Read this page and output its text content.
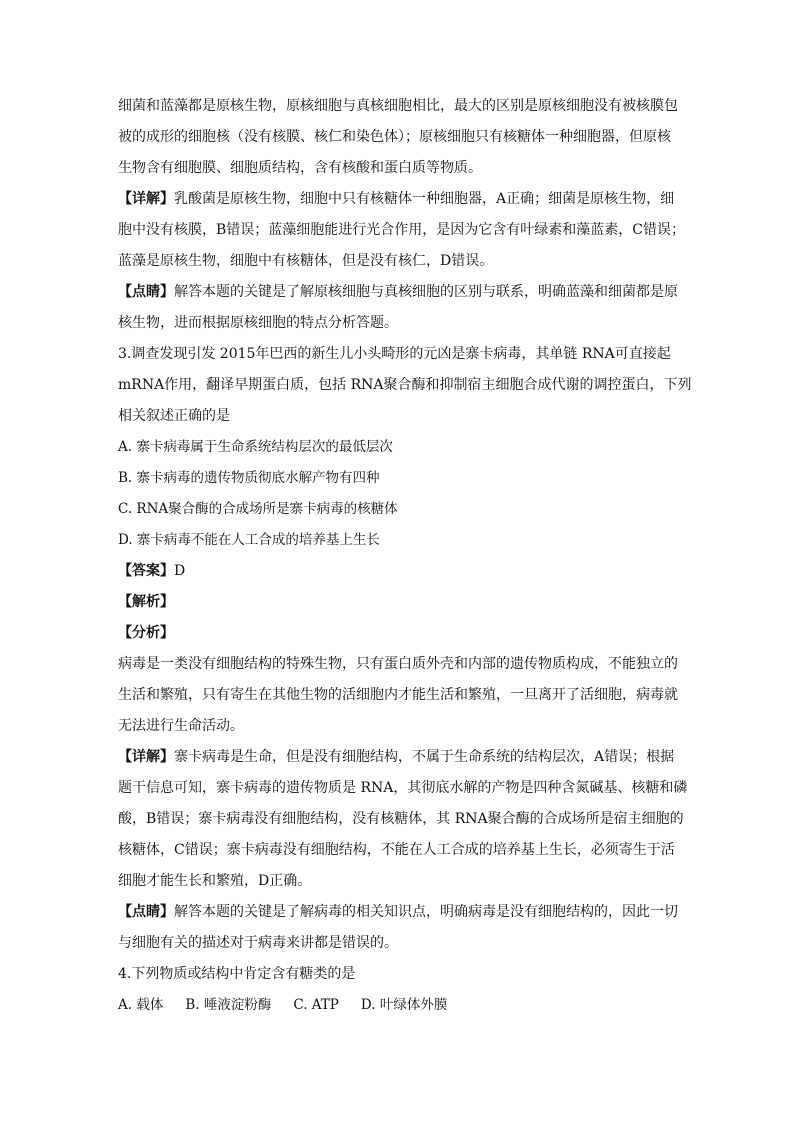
细菌和蓝藻都是原核生物，原核细胞与真核细胞相比，最大的区别是原核细胞没有被核膜包
被的成形的细胞核（没有核膜、核仁和染色体）；原核细胞只有核糖体一种细胞器，但原核
生物含有细胞膜、细胞质结构，含有核酸和蛋白质等物质。
【详解】乳酸菌是原核生物，细胞中只有核糖体一种细胞器，A正确；细菌是原核生物，细
胞中没有核膜，B错误；蓝藻细胞能进行光合作用，是因为它含有叶绿素和藻蓝素，C错误；
蓝藻是原核生物，细胞中有核糖体，但是没有核仁，D错误。
【点睛】解答本题的关键是了解原核细胞与真核细胞的区别与联系，明确蓝藻和细菌都是原
核生物，进而根据原核细胞的特点分析答题。
3.调查发现引发 2015年巴西的新生儿小头畸形的元凶是寨卡病毒，其单链 RNA可直接起
mRNA作用，翻译早期蛋白质，包括 RNA聚合酶和抑制宿主细胞合成代谢的调控蛋白，下列
相关叙述正确的是
A. 寨卡病毒属于生命系统结构层次的最低层次
B. 寨卡病毒的遗传物质彻底水解产物有四种
C. RNA聚合酶的合成场所是寨卡病毒的核糖体
D. 寨卡病毒不能在人工合成的培养基上生长
【答案】D
【解析】
【分析】
病毒是一类没有细胞结构的特殊生物，只有蛋白质外壳和内部的遗传物质构成，不能独立的
生活和繁殖，只有寄生在其他生物的活细胞内才能生活和繁殖，一旦离开了活细胞，病毒就
无法进行生命活动。
【详解】寨卡病毒是生命，但是没有细胞结构，不属于生命系统的结构层次，A错误；根据
题干信息可知，寨卡病毒的遗传物质是 RNA，其彻底水解的产物是四种含氮碱基、核糖和磷
酸，B错误；寨卡病毒没有细胞结构，没有核糖体，其 RNA聚合酶的合成场所是宿主细胞的
核糖体，C错误；寨卡病毒没有细胞结构，不能在人工合成的培养基上生长，必须寄生于活
细胞才能生长和繁殖，D正确。
【点睛】解答本题的关键是了解病毒的相关知识点，明确病毒是没有细胞结构的，因此一切
与细胞有关的描述对于病毒来讲都是错误的。
4.下列物质或结构中肯定含有糖类的是
A. 载体 B. 唾液淀粉酶 C. ATP D. 叶绿体外膜
